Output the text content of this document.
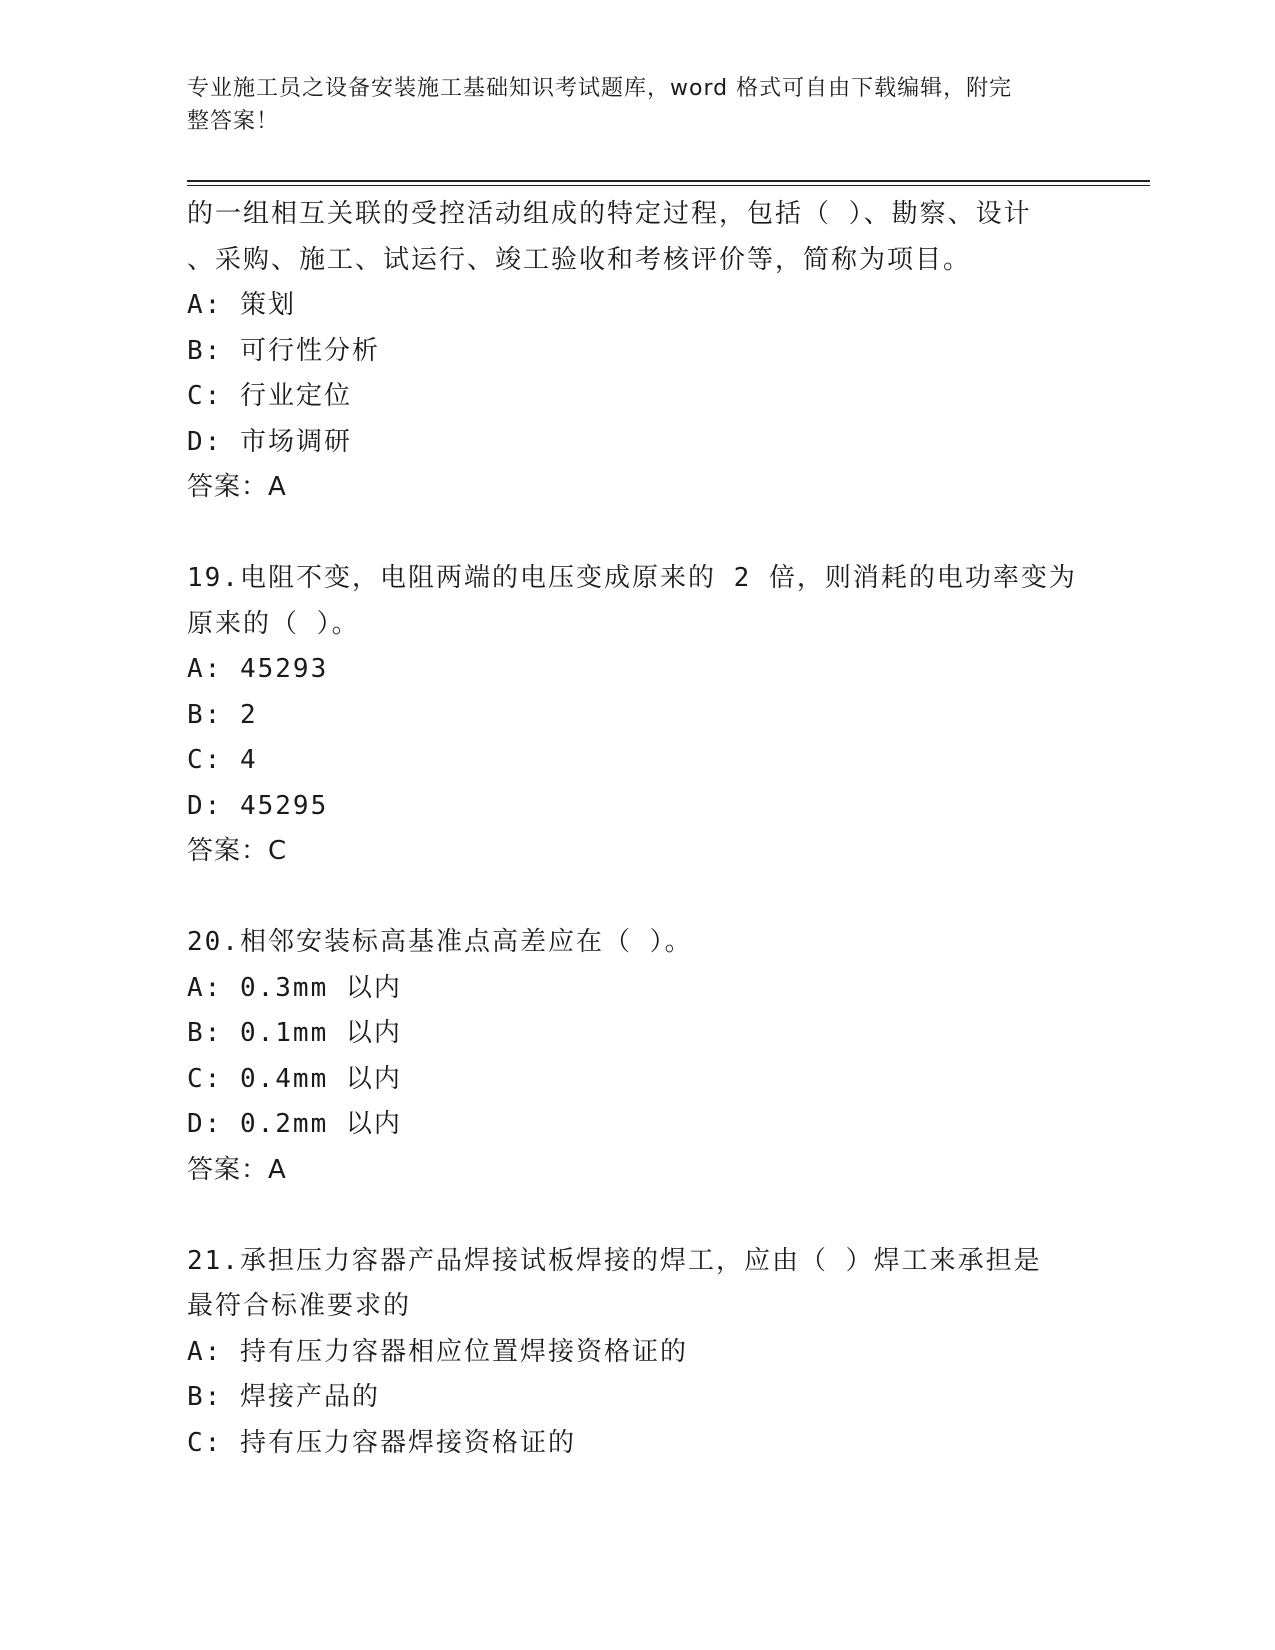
专业施工员之设备安装施工基础知识考试题库，word 格式可自由下载编辑，附完
整答案！
的一组相互关联的受控活动组成的特定过程，包括（ ）、勘察、设计
、采购、施工、试运行、竣工验收和考核评价等，简称为项目。
A: 策划
B: 可行性分析
C: 行业定位
D: 市场调研
答案：A
19.电阻不变，电阻两端的电压变成原来的 2 倍，则消耗的电功率变为
原来的（ ）。
A: 45293
B: 2
C: 4
D: 45295
答案：C
20.相邻安装标高基准点高差应在（ ）。
A: 0.3mm 以内
B: 0.1mm 以内
C: 0.4mm 以内
D: 0.2mm 以内
答案：A
21.承担压力容器产品焊接试板焊接的焊工，应由（ ）焊工来承担是
最符合标准要求的
A: 持有压力容器相应位置焊接资格证的
B: 焊接产品的
C: 持有压力容器焊接资格证的
